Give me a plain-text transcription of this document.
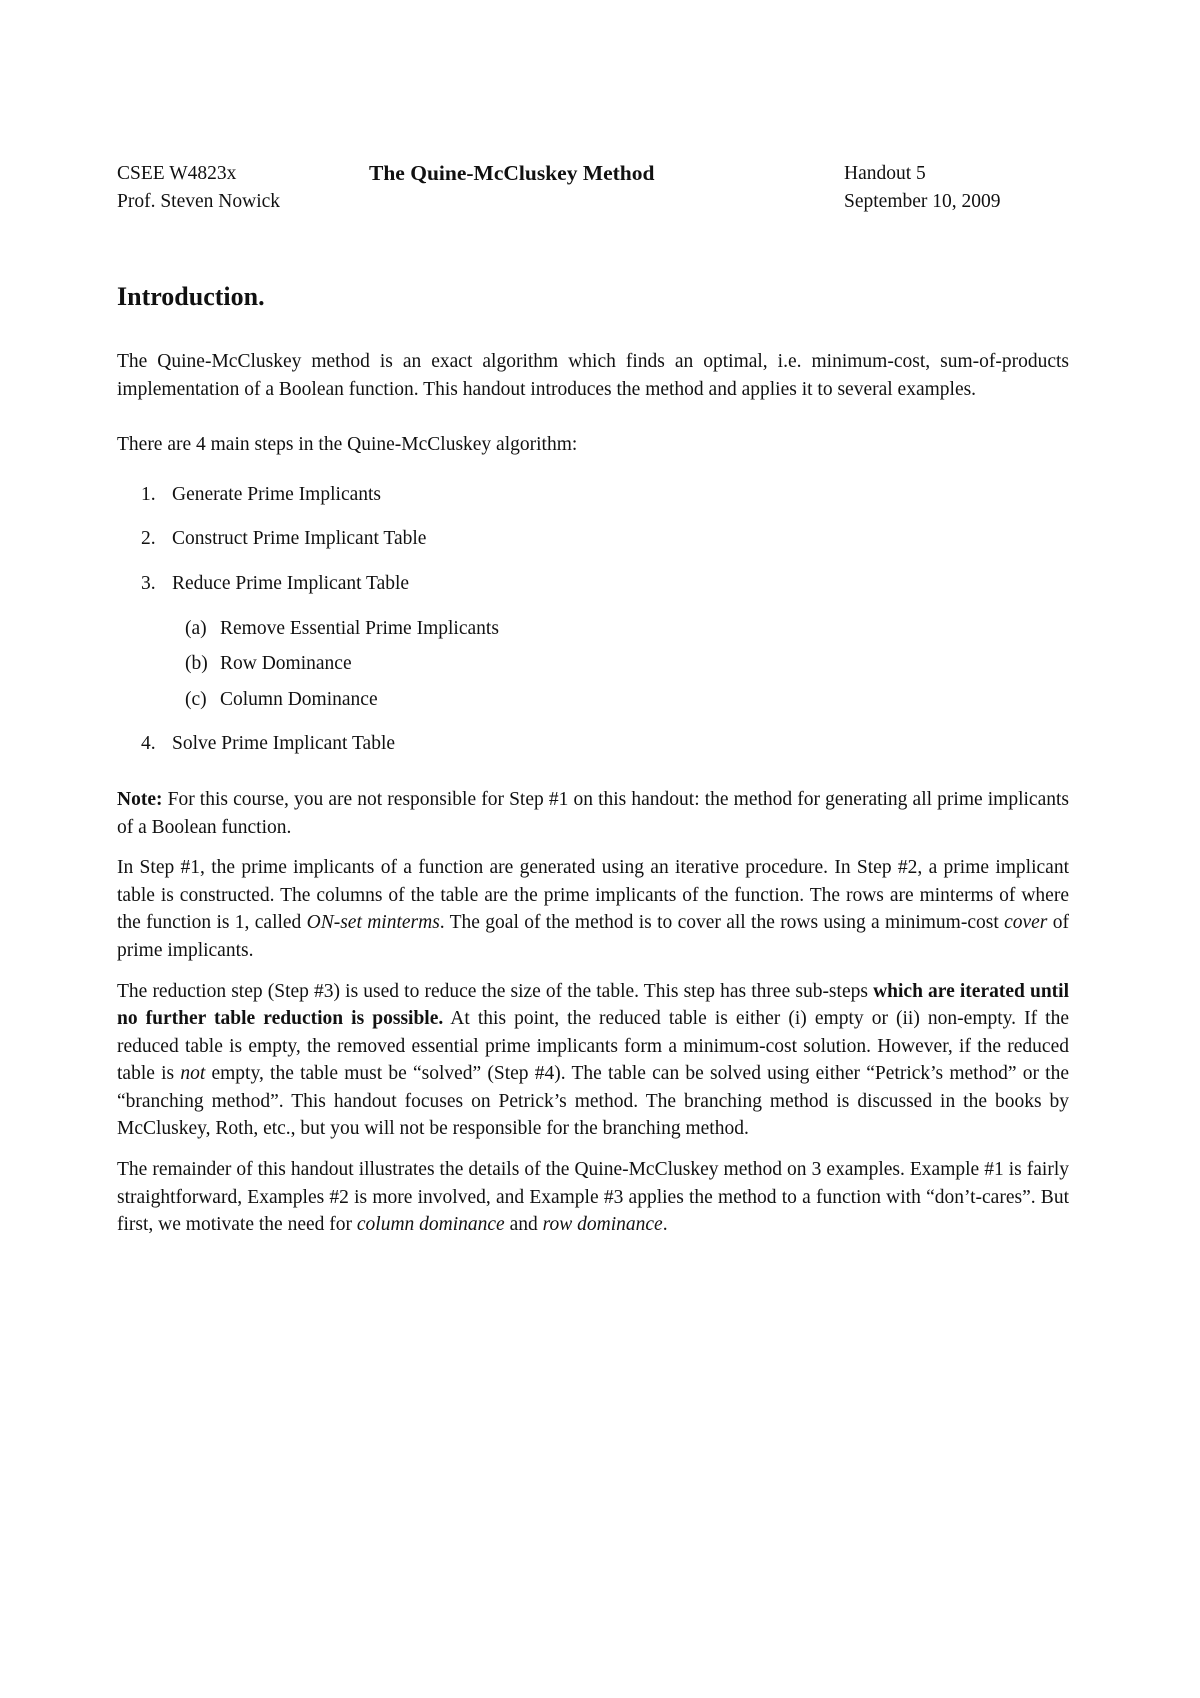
CSEE W4823x
Prof. Steven Nowick
The Quine-McCluskey Method	Handout 5
September 10, 2009
Introduction.

The Quine-McCluskey method is an exact algorithm which finds an optimal, i.e. minimum-cost, sum-of-products implementation of a Boolean function. This handout introduces the method and applies it to several examples.

There are 4 main steps in the Quine-McCluskey algorithm:

1. Generate Prime Implicants
2. Construct Prime Implicant Table
3. Reduce Prime Implicant Table
(a) Remove Essential Prime Implicants
(b) Row Dominance
(c) Column Dominance
4. Solve Prime Implicant Table

Note: For this course, you are not responsible for Step #1 on this handout: the method for generating all prime implicants of a Boolean function.

In Step #1, the prime implicants of a function are generated using an iterative procedure. In Step #2, a prime implicant table is constructed. The columns of the table are the prime implicants of the function. The rows are minterms of where the function is 1, called ON-set minterms. The goal of the method is to cover all the rows using a minimum-cost cover of prime implicants.

The reduction step (Step #3) is used to reduce the size of the table. This step has three sub-steps which are iterated until no further table reduction is possible. At this point, the reduced table is either (i) empty or (ii) non-empty. If the reduced table is empty, the removed essential prime implicants form a minimum-cost solution. However, if the reduced table is not empty, the table must be “solved” (Step #4). The table can be solved using either “Petrick’s method” or the “branching method”. This handout focuses on Petrick’s method. The branching method is discussed in the books by McCluskey, Roth, etc., but you will not be responsible for the branching method.

The remainder of this handout illustrates the details of the Quine-McCluskey method on 3 examples. Example #1 is fairly straightforward, Examples #2 is more involved, and Example #3 applies the method to a function with “don’t-cares”. But first, we motivate the need for column dominance and row dominance.
